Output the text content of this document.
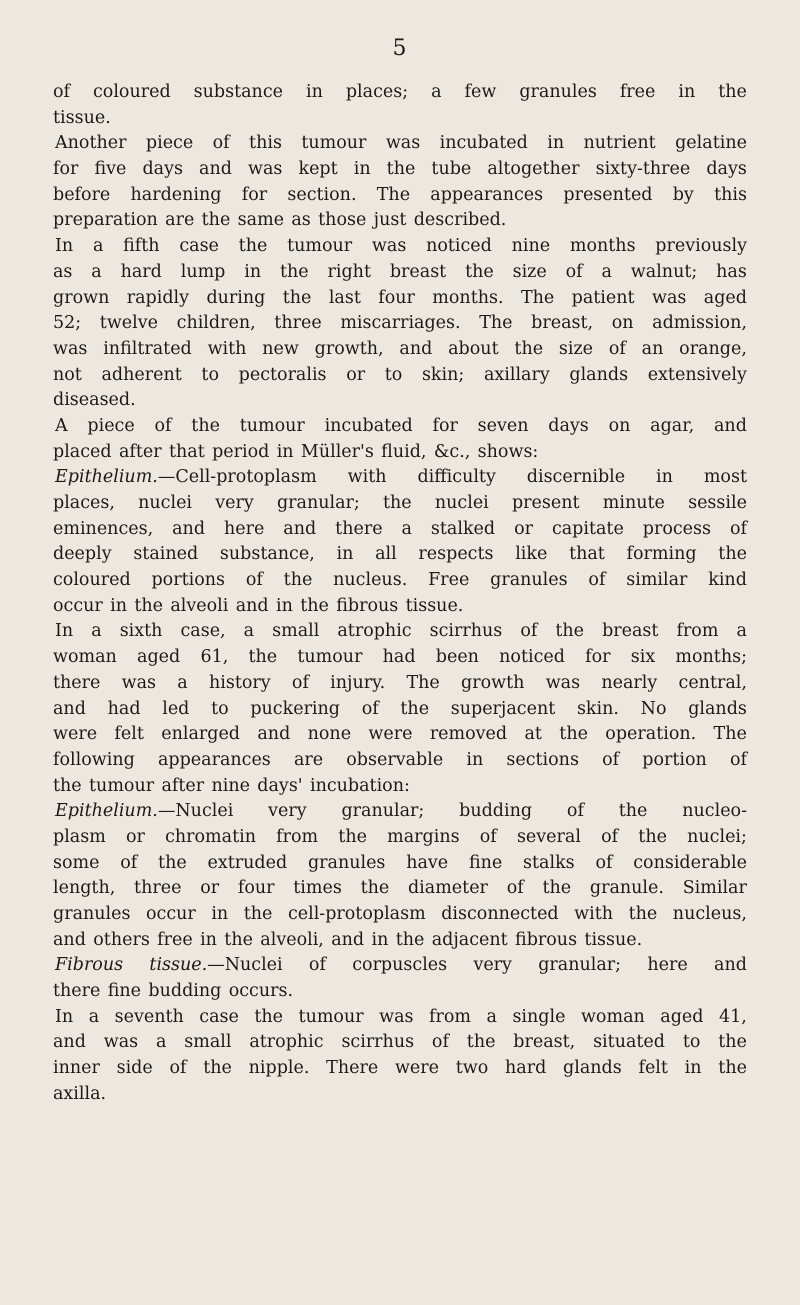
5
of coloured substance in places; a few granules free in the
tissue.
Another piece of this tumour was incubated in nutrient gelatine
for five days and was kept in the tube altogether sixty-three days
before hardening for section. The appearances presented by this
preparation are the same as those just described.
In a fifth case the tumour was noticed nine months previously
as a hard lump in the right breast the size of a walnut; has
grown rapidly during the last four months. The patient was aged
52; twelve children, three miscarriages. The breast, on admission,
was infiltrated with new growth, and about the size of an orange,
not adherent to pectoralis or to skin; axillary glands extensively
diseased.
A piece of the tumour incubated for seven days on agar, and
placed after that period in Müller's fluid, &c., shows:
Epithelium.—Cell-protoplasm with difficulty discernible in most
places, nuclei very granular; the nuclei present minute sessile
eminences, and here and there a stalked or capitate process of
deeply stained substance, in all respects like that forming the
coloured portions of the nucleus. Free granules of similar kind
occur in the alveoli and in the fibrous tissue.
In a sixth case, a small atrophic scirrhus of the breast from a
woman aged 61, the tumour had been noticed for six months;
there was a history of injury. The growth was nearly central,
and had led to puckering of the superjacent skin. No glands
were felt enlarged and none were removed at the operation. The
following appearances are observable in sections of portion of
the tumour after nine days' incubation:
Epithelium.—Nuclei very granular; budding of the nucleo-
plasm or chromatin from the margins of several of the nuclei;
some of the extruded granules have fine stalks of considerable
length, three or four times the diameter of the granule. Similar
granules occur in the cell-protoplasm disconnected with the nucleus,
and others free in the alveoli, and in the adjacent fibrous tissue.
Fibrous tissue.—Nuclei of corpuscles very granular; here and
there fine budding occurs.
In a seventh case the tumour was from a single woman aged 41,
and was a small atrophic scirrhus of the breast, situated to the
inner side of the nipple. There were two hard glands felt in the
axilla.
